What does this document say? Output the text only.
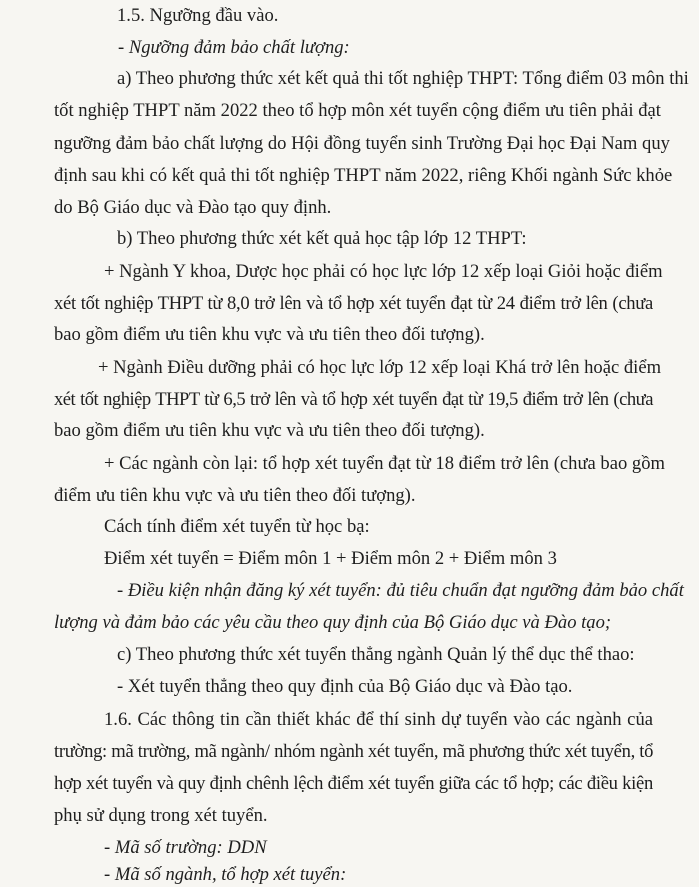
1.5. Ngưỡng đầu vào.
- Ngưỡng đảm bảo chất lượng:
a) Theo phương thức xét kết quả thi tốt nghiệp THPT: Tổng điểm 03 môn thi
tốt nghiệp THPT năm 2022 theo tổ hợp môn xét tuyển cộng điểm ưu tiên phải đạt
ngưỡng đảm bảo chất lượng do Hội đồng tuyển sinh Trường Đại học Đại Nam quy
định sau khi có kết quả thi tốt nghiệp THPT năm 2022, riêng Khối ngành Sức khỏe
do Bộ Giáo dục và Đào tạo quy định.
b) Theo phương thức xét kết quả học tập lớp 12 THPT:
+ Ngành Y khoa, Dược học phải có học lực lớp 12 xếp loại Giỏi hoặc điểm
xét tốt nghiệp THPT từ 8,0 trở lên và tổ hợp xét tuyển đạt từ 24 điểm trở lên (chưa
bao gồm điểm ưu tiên khu vực và ưu tiên theo đối tượng).
+ Ngành Điều dưỡng phải có học lực lớp 12 xếp loại Khá trở lên hoặc điểm
xét tốt nghiệp THPT từ 6,5 trở lên và tổ hợp xét tuyển đạt từ 19,5 điểm trở lên (chưa
bao gồm điểm ưu tiên khu vực và ưu tiên theo đối tượng).
+ Các ngành còn lại: tổ hợp xét tuyển đạt từ 18 điểm trở lên (chưa bao gồm
điểm ưu tiên khu vực và ưu tiên theo đối tượng).
Cách tính điểm xét tuyển từ học bạ:
Điểm xét tuyển = Điểm môn 1 + Điểm môn 2 + Điểm môn 3
- Điều kiện nhận đăng ký xét tuyển: đủ tiêu chuẩn đạt ngưỡng đảm bảo chất
lượng và đảm bảo các yêu cầu theo quy định của Bộ Giáo dục và Đào tạo;
c) Theo phương thức xét tuyển thẳng ngành Quản lý thể dục thể thao:
- Xét tuyển thẳng theo quy định của Bộ Giáo dục và Đào tạo.
1.6. Các thông tin cần thiết khác để thí sinh dự tuyển vào các ngành của
trường: mã trường, mã ngành/ nhóm ngành xét tuyển, mã phương thức xét tuyển, tổ
hợp xét tuyển và quy định chênh lệch điểm xét tuyển giữa các tổ hợp; các điều kiện
phụ sử dụng trong xét tuyển.
- Mã số trường: DDN
- Mã số ngành, tổ hợp xét tuyển:
